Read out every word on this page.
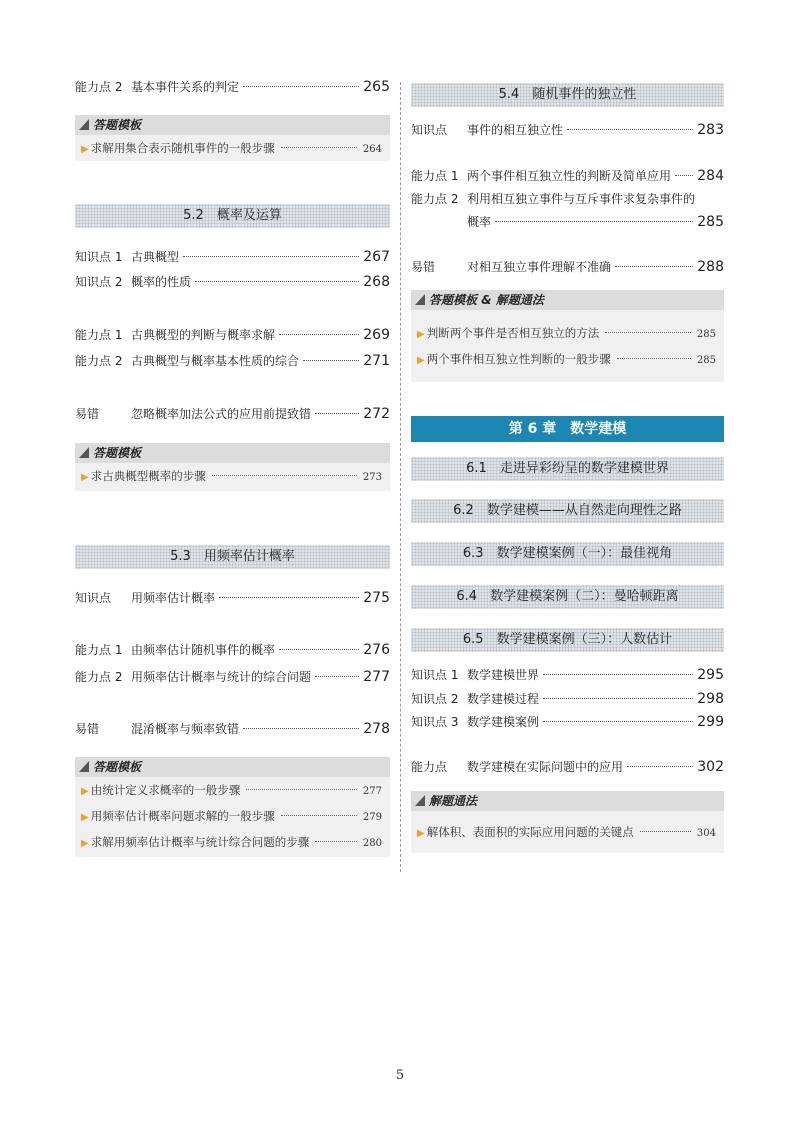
能力点 2 基本事件关系的判定	265
答题模板
▶ 求解用集合表示随机事件的一般步骤	264
5.2　概率及运算
知识点 1 古典概型	267
知识点 2 概率的性质	268
能力点 1 古典概型的判断与概率求解	269
能力点 2 古典概型与概率基本性质的综合	271
易错	忽略概率加法公式的应用前提致错	272
答题模板
▶ 求古典概型概率的步骤	273
5.3　用频率估计概率
知识点	用频率估计概率	275
能力点 1 由频率估计随机事件的概率	276
能力点 2 用频率估计概率与统计的综合问题	277
易错	混淆概率与频率致错	278
答题模板
▶ 由统计定义求概率的一般步骤	277
▶ 用频率估计概率问题求解的一般步骤	279
▶ 求解用频率估计概率与统计综合问题的步骤	280
5.4　随机事件的独立性
知识点	事件的相互独立性	283
能力点 1 两个事件相互独立性的判断及简单应用 284
能力点 2 利用相互独立事件与互斥事件求复杂事件的
概率	285
易错	对相互独立事件理解不准确	288
答题模板 & 解题通法
▶ 判断两个事件是否相互独立的方法	285
▶ 两个事件相互独立性判断的一般步骤	285
第 6 章　数学建模
6.1　走进异彩纷呈的数学建模世界
6.2　数学建模——从自然走向理性之路
6.3　数学建模案例（一）：最佳视角
6.4　数学建模案例（二）：曼哈顿距离
6.5　数学建模案例（三）：人数估计
知识点 1 数学建模世界	295
知识点 2 数学建模过程	298
知识点 3 数学建模案例	299
能力点	数学建模在实际问题中的应用	302
解题通法
▶ 解体积、表面积的实际应用问题的关键点	304
5
